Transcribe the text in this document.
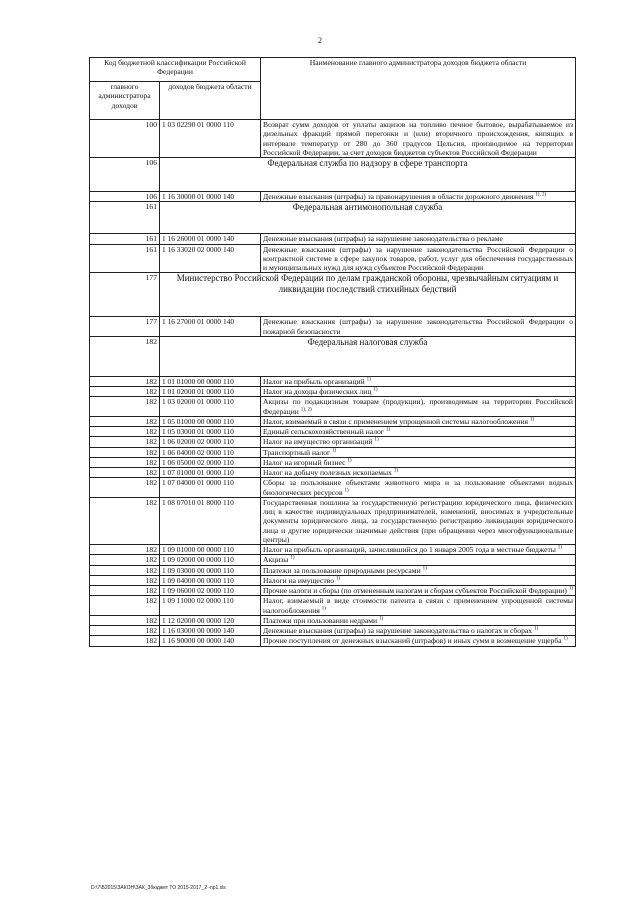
2
Код бюджетной классификации Российской Федерации		Наименование главного администратора доходов бюджета области
главного администратора доходов	доходов бюджета области	
100	1 03 02290 01 0000 110	Возврат сумм доходов от уплаты акцизов на топливо печное бытовое, вырабатываемое из дизельных фракций прямой перегонки и (или) вторичного происхождения, кипящих в интервале температур от 280 до 360 градусов Цельсия, производимое на территории Российской Федерации, за счет доходов бюджетов субъектов Российской Федерации
106	Федеральная служба по надзору в сфере транспорта	
106	1 16 30000 01 0000 140	Денежные взыскания (штрафы) за правонарушения в области дорожного движения $^{1), 2)}$
161	Федеральная антимонопольная служба	
161	1 16 26000 01 0000 140	Денежные взыскания (штрафы) за нарушение законодательства о рекламе
161	1 16 33020 02 0000 140	Денежные взыскания (штрафы) за нарушение законодательства Российской Федерации о контрактной системе в сфере закупок товаров, работ, услуг для обеспечения государственных и муниципальных нужд для нужд субъектов Российской Федерации
177	Министерство Российской Федерации по делам гражданской обороны, чрезвычайным ситуациям и ликвидации последствий стихийных бедствий	
177	1 16 27000 01 0000 140	Денежные взыскания (штрафы) за нарушение законодательства Российской Федерации о пожарной безопасности
182	Федеральная налоговая служба	
182	1 01 01000 00 0000 110	Налог на прибыль организаций $^{1)}$
182	1 01 02000 01 0000 110	Налог на доходы физических лиц $^{1)}$
182	1 03 02000 01 0000 110	Акцизы по подакцизным товарам (продукции), производимым на территории Российской Федерации $^{1), 2)}$
182	1 05 01000 00 0000 110	Налог, взимаемый в связи с применением упрощенной системы налогообложения $^{1)}$
182	1 05 03000 01 0000 110	Единый сельскохозяйственный налог $^{1)}$
182	1 06 02000 02 0000 110	Налог на имущество организаций $^{1)}$
182	1 06 04000 02 0000 110	Транспортный налог $^{1)}$
182	1 06 05000 02 0000 110	Налог на игорный бизнес $^{1)}$
182	1 07 01000 01 0000 110	Налог на добычу полезных ископаемых $^{1)}$
182	1 07 04000 01 0000 110	Сборы за пользование объектами животного мира и за пользование объектами водных биологических ресурсов $^{1)}$
182	1 08 07010 01 8000 110	Государственная пошлина за государственную регистрацию юридического лица, физических лиц в качестве индивидуальных предпринимателей, изменений, вносимых в учредительные документы юридического лица, за государственную регистрацию ликвидации юридического лица и другие юридически значимые действия (при обращении через многофункциональные центры)
182	1 09 01000 00 0000 110	Налог на прибыль организаций, зачислявшийся до 1 января 2005 года в местные бюджеты $^{1)}$
182	1 09 02000 00 0000 110	Акцизы $^{1)}$
182	1 09 03000 00 0000 110	Платежи за пользование природными ресурсами $^{1)}$
182	1 09 04000 00 0000 110	Налоги на имущество $^{1)}$
182	1 09 06000 02 0000 110	Прочие налоги и сборы (по отмененным налогам и сборам субъектов Российской Федерации) $^{1)}$
182	1 09 11000 02 0000 110	Налог, взимаемый в виде стоимости патента в связи с применением упрощенной системы налогообложения $^{1)}$
182	1 12 02000 00 0000 120	Платежи при пользовании недрами $^{1)}$
182	1 16 03000 00 0000 140	Денежные взыскания (штрафы) за нарушение законодательства о налогах и сборах $^{1)}$
182	1 16 90000 00 0000 140	Прочие поступления от денежных взысканий (штрафов) и иных сумм в возмещение ущерба $^{1)}$
D:\7\B2015\ЗАКОН\ЗАК_3бюджет ТО 2015-2017_2 -пр1.xls
